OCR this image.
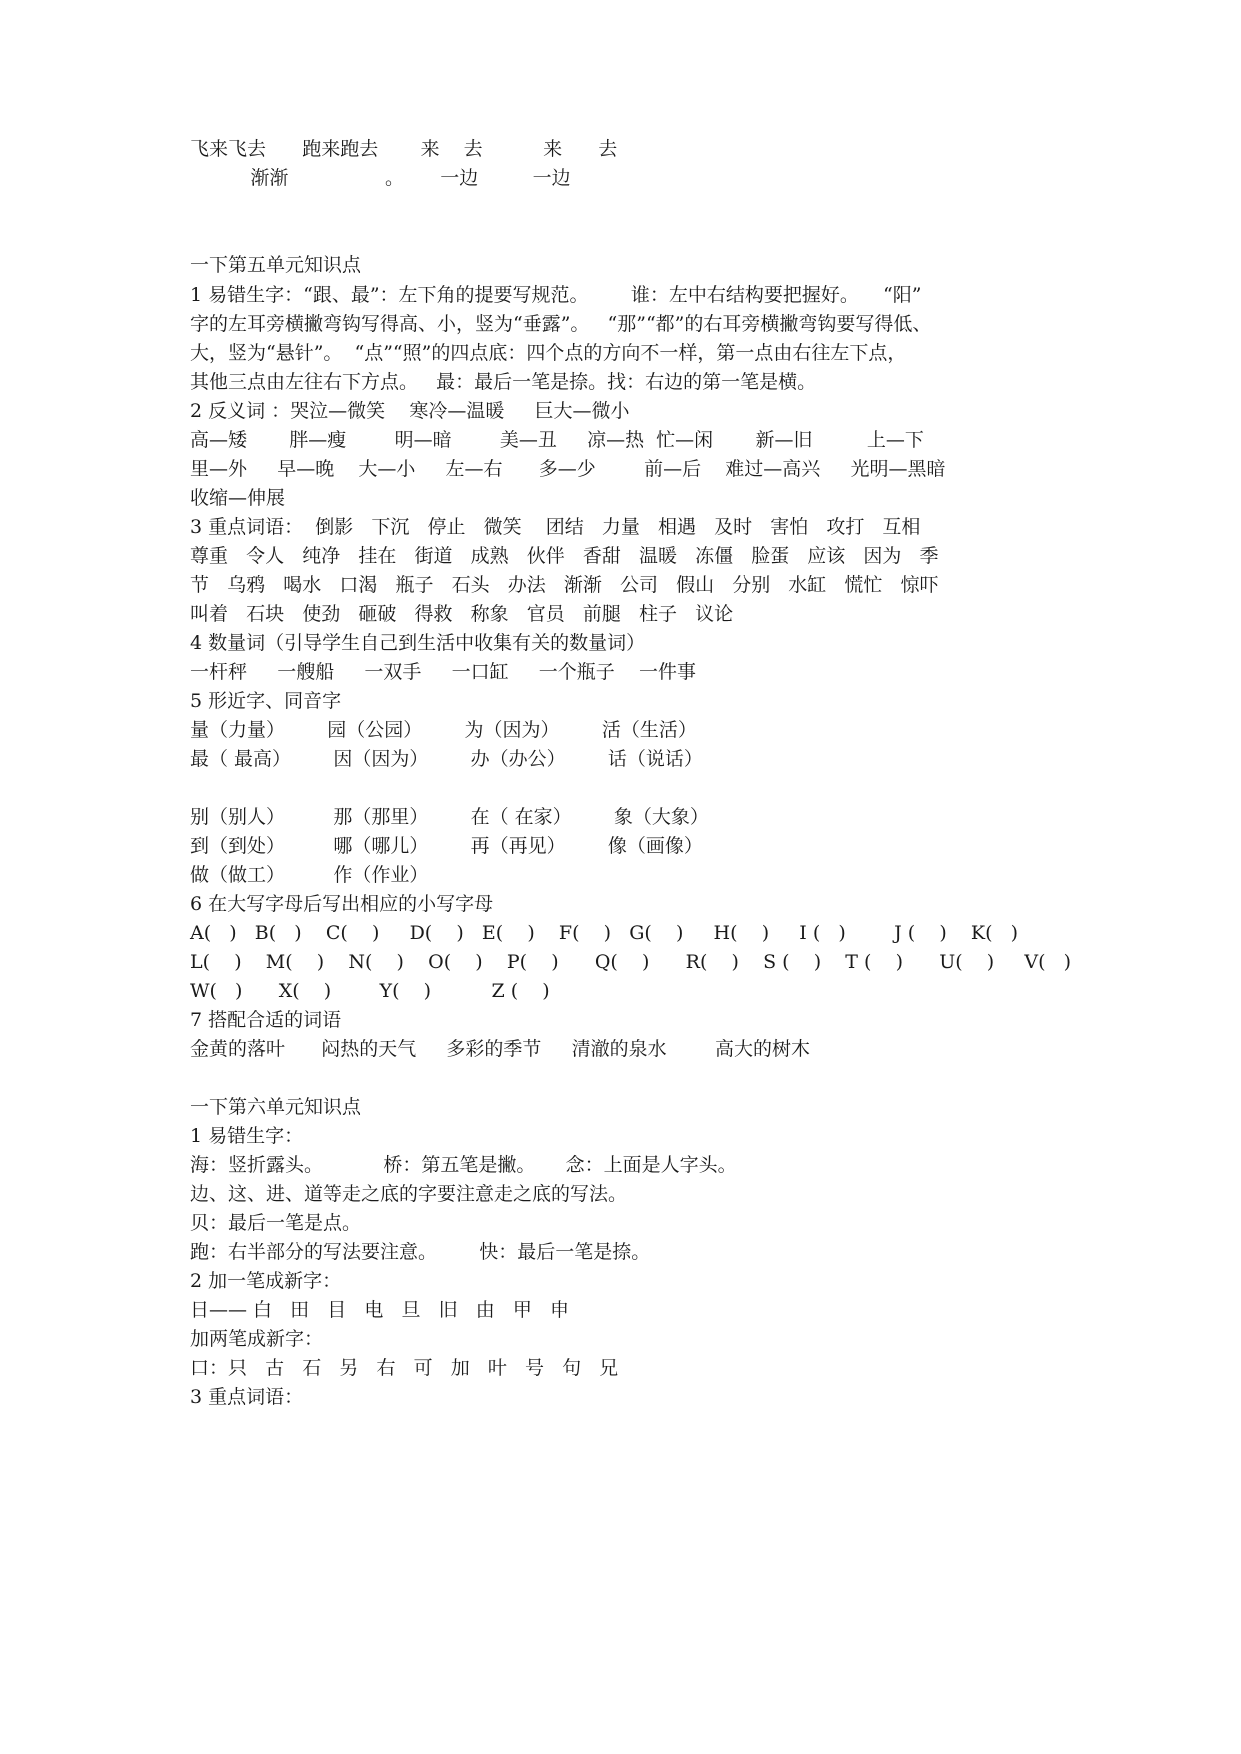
飞来飞去      跑来跑去       来    去          来      去
渐渐                。      一边         一边
一下第五单元知识点
1 易错生字：“跟、最”：左下角的提要写规范。       谁：左中右结构要把握好。    “阳”
字的左耳旁横撇弯钩写得高、小，竖为“垂露”。   “那”“都”的右耳旁横撇弯钩要写得低、
大，竖为“悬针”。  “点”“照”的四点底：四个点的方向不一样，第一点由右往左下点，
其他三点由左往右下方点。   最：最后一笔是捺。找：右边的第一笔是横。
2 反义词 ：哭泣—微笑    寒冷—温暖     巨大—微小
高—矮       胖—瘦        明—暗        美—丑     凉—热  忙—闲       新—旧         上—下
里—外     早—晚    大—小     左—右      多—少        前—后    难过—高兴     光明—黑暗
收缩—伸展
3 重点词语：  倒影   下沉   停止   微笑    团结   力量   相遇   及时   害怕   攻打   互相
尊重   令人   纯净   挂在   街道   成熟   伙伴   香甜   温暖   冻僵   脸蛋   应该   因为   季
节   乌鸦   喝水   口渴   瓶子   石头   办法   渐渐   公司   假山   分别   水缸   慌忙   惊吓
叫着   石块   使劲   砸破   得救   称象   官员   前腿   柱子   议论
4 数量词（引导学生自己到生活中收集有关的数量词）
一杆秤     一艘船     一双手     一口缸     一个瓶子    一件事
5 形近字、同音字
量（力量）       园（公园）       为（因为）       活（生活）
最（ 最高）       因（因为）       办（办公）       话（说话）
别（别人）        那（那里）       在（ 在家）       象（大象）
到（到处）        哪（哪儿）       再（再见）       像（画像）
做（做工）        作（作业）
6 在大写字母后写出相应的小写字母
A(   )   B(   )    C(    )     D(    )   E(    )    F(    )   G(    )     H(    )     I (   )        J (    )    K(   )
L(    )    M(    )    N(    )    O(    )    P(    )      Q(    )      R(    )    S (    )    T (    )      U(    )     V(   )
W(   )      X(    )        Y(    )          Z (    )
7 搭配合适的词语
金黄的落叶      闷热的天气     多彩的季节     清澈的泉水        高大的树木
一下第六单元知识点
1 易错生字：
海：竖折露头。          桥：第五笔是撇。     念：上面是人字头。
边、这、进、道等走之底的字要注意走之底的写法。
贝：最后一笔是点。
跑：右半部分的写法要注意。       快：最后一笔是捺。
2 加一笔成新字：
日—— 白   田   目   电   旦   旧   由   甲   申
加两笔成新字：
口：只   古   石   另   右   可   加   叶   号   句   兄
3 重点词语：
